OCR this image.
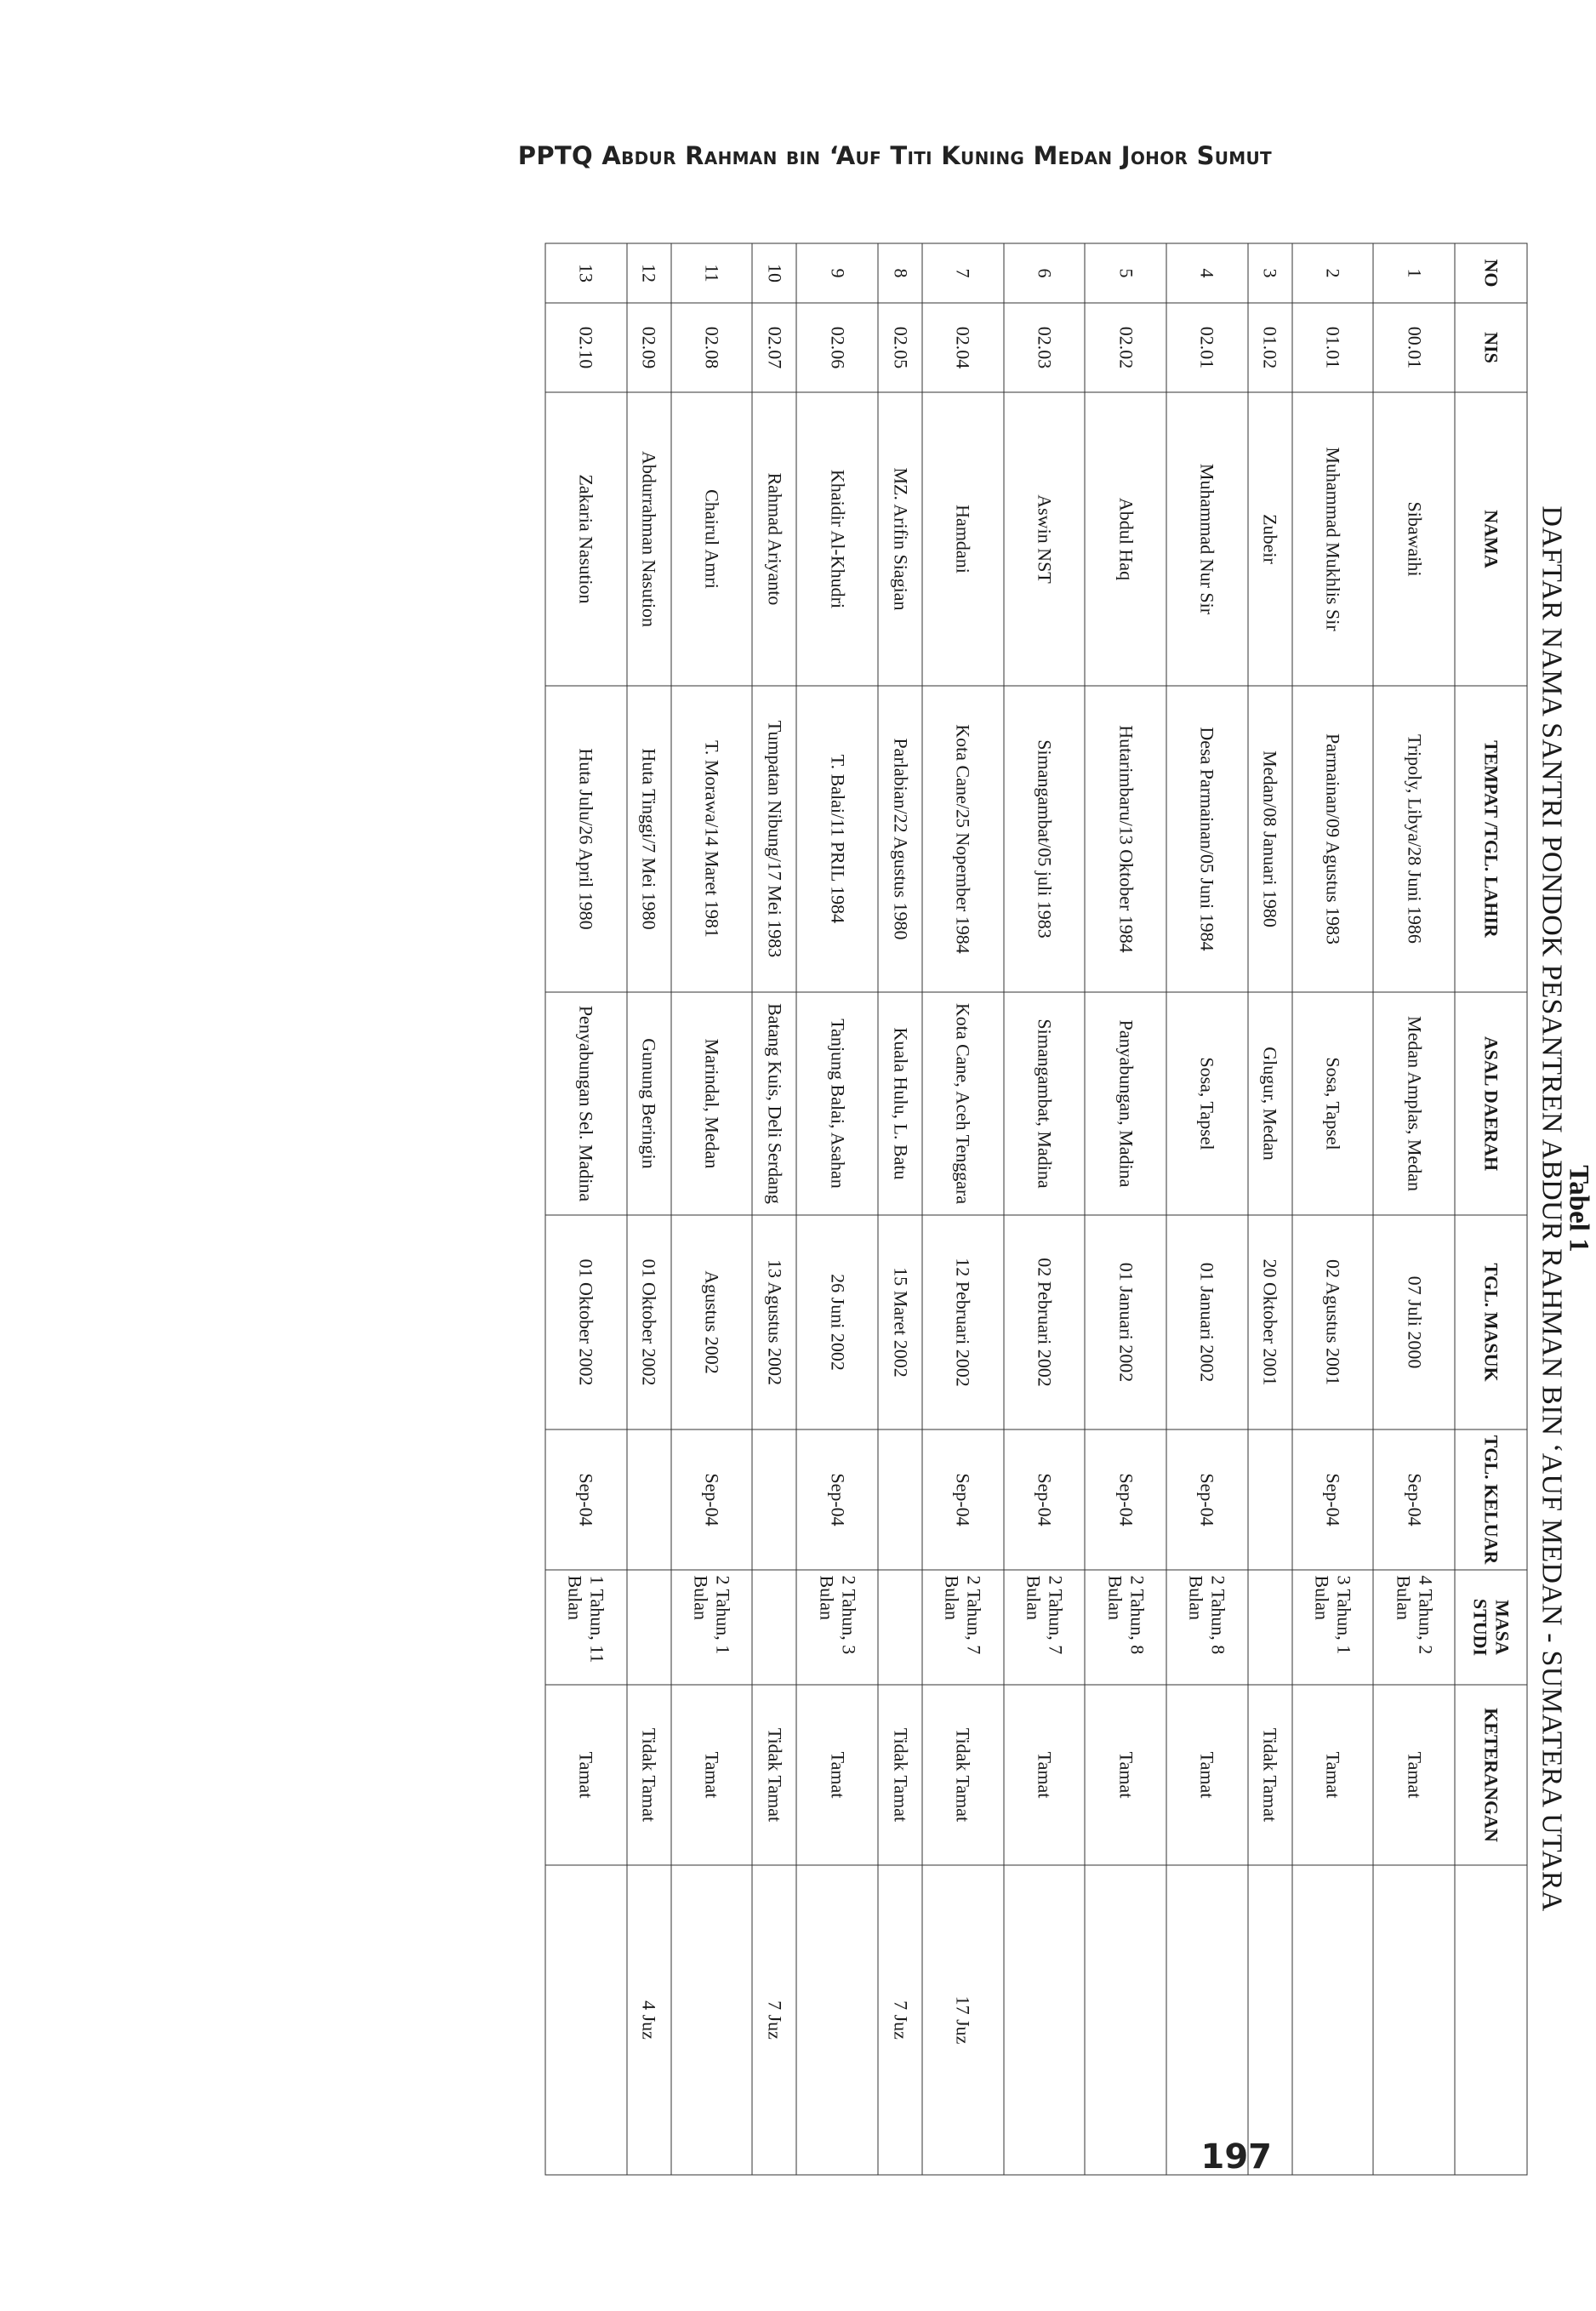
PPTQ Abdur Rahman bin ‘Auf Titi Kuning Medan Johor Sumut
Tabel 1
DAFTAR NAMA SANTRI PONDOK PESANTREN ABDUR RAHMAN BIN ‘AUF MEDAN - SUMATERA UTARA
NO	NIS	NAMA	TEMPAT /TGL. LAHIR	ASAL DAERAH	TGL. MASUK	TGL. KELUAR	MASA STUDI	KETERANGAN	
1	00.01	Sibawaihi	Tripoly, Libya/28 Juni 1986	Medan Amplas, Medan	07 Juli 2000	Sep-04	4 Tahun, 2 Bulan	Tamat	
2	01.01	Muhammad Mukhlis Sir	Parmainan/09 Agustus 1983	Sosa, Tapsel	02 Agustus 2001	Sep-04	3 Tahun, 1 Bulan	Tamat	
3	01.02	Zubeir	Medan/08 Januari 1980	Glugur, Medan	20 Oktober 2001			Tidak Tamat	
4	02.01	Muhammad Nur Sir	Desa Parmainan/05 Juni 1984	Sosa, Tapsel	01 Januari 2002	Sep-04	2 Tahun, 8 Bulan	Tamat	
5	02.02	Abdul Haq	Hutarimbaru/13 Oktober 1984	Panyabungan, Madina	01 Januari 2002	Sep-04	2 Tahun, 8 Bulan	Tamat	
6	02.03	Aswin NST	Simangambat/05 juli 1983	Simangambat, Madina	02 Pebruari 2002	Sep-04	2 Tahun, 7 Bulan	Tamat	
7	02.04	Hamdani	Kota Cane/25 Nopember 1984	Kota Cane, Aceh Tenggara	12 Pebruari 2002	Sep-04	2 Tahun, 7 Bulan	Tidak Tamat	17 Juz
8	02.05	MZ. Arifin Siagian	Parlabian/22 Agustus 1980	Kuala Hulu, L. Batu	15 Maret 2002			Tidak Tamat	7 Juz
9	02.06	Khaidir Al-Khudri	T. Balai/11 PRIL 1984	Tanjung Balai, Asahan	26 Juni 2002	Sep-04	2 Tahun, 3 Bulan	Tamat	
10	02.07	Rahmad Ariyanto	Tumpatan Nibung/17 Mei 1983	Batang Kuis, Deli Serdang	13 Agustus 2002			Tidak Tamat	7 Juz
11	02.08	Chairul Amri	T. Morawa/14 Maret 1981	Marindal, Medan	Agustus 2002	Sep-04	2 Tahun, 1 Bulan	Tamat	
12	02.09	Abdurrahman Nasution	Huta Tinggi/7 Mei 1980	Gunung Beringin	01 Oktober 2002			Tidak Tamat	4 Juz
13	02.10	Zakaria Nasution	Huta Julu/26 April 1980	Penyabungan Sel. Madina	01 Oktober 2002	Sep-04	1 Tahun, 11 Bulan	Tamat	
197
